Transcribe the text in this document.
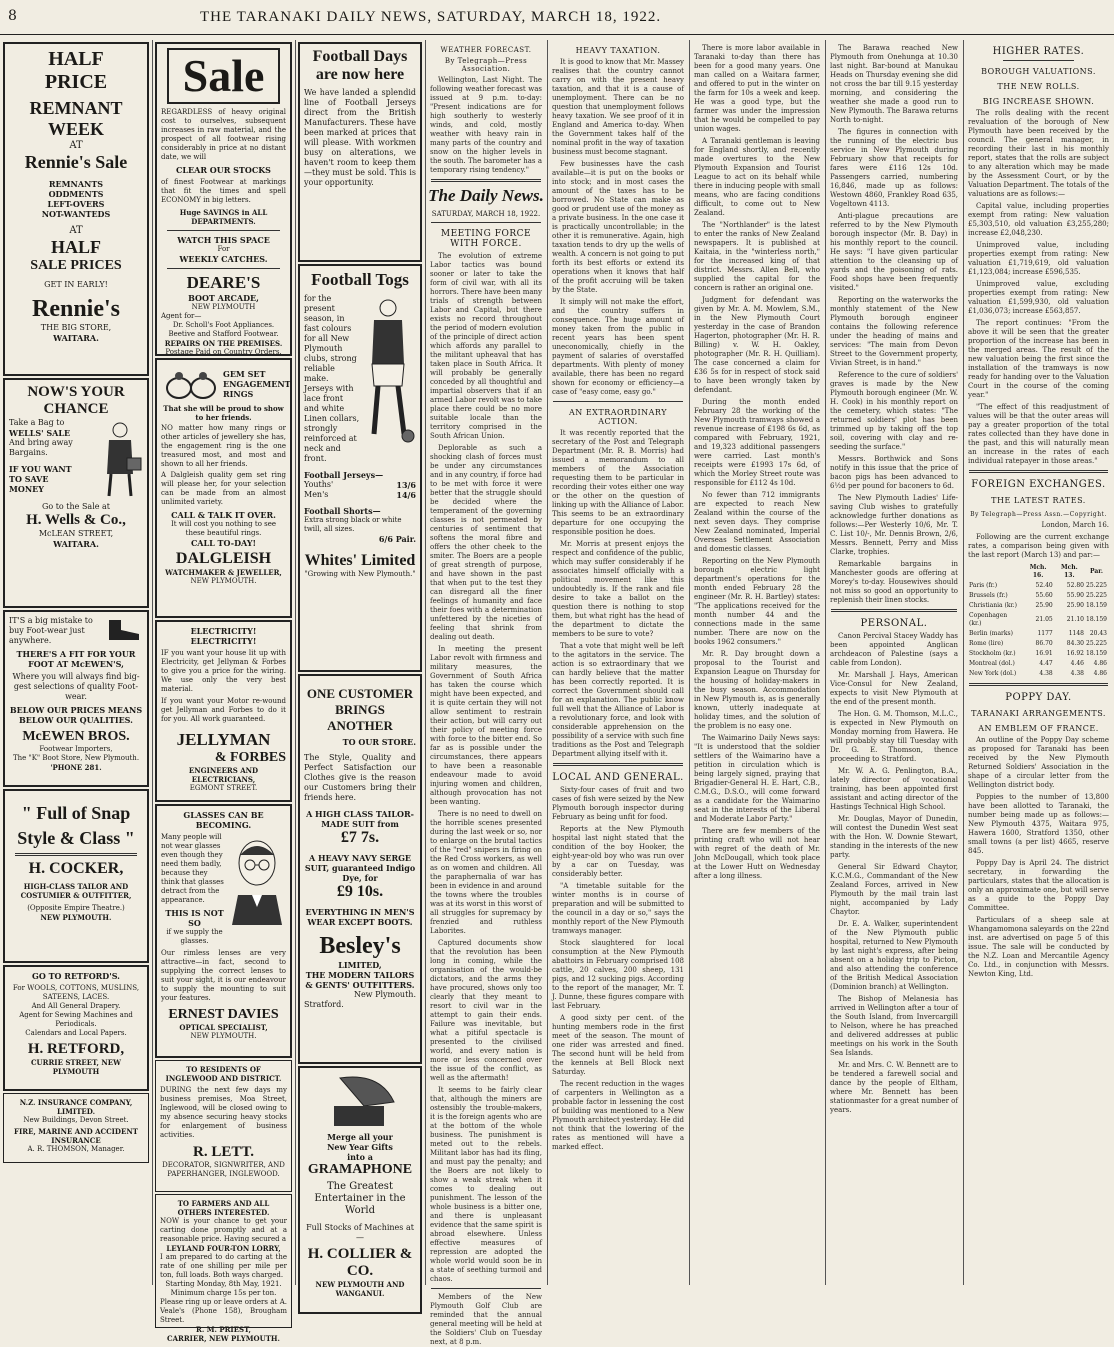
8	THE TARANAKI DAILY NEWS, SATURDAY, MARCH 18, 1922.
HALF
PRICE
REMNANT
WEEK
AT
Rennie's Sale
REMNANTS
ODDMENTS
LEFT-OVERS
NOT-WANTEDS
AT
HALF
SALE PRICES
GET IN EARLY!
Rennie's
THE BIG STORE,
WAITARA.
NOW'S YOUR
CHANCE
Take a Bag to
WELLS' SALE
And bring away
Bargains.
IF YOU WANT
TO SAVE
MONEY
Go to the Sale at
H. Wells & Co.,
McLEAN STREET,
WAITARA.
IT'S a big mistake to buy Foot-wear just anywhere.
THERE'S A FIT FOR YOUR FOOT AT McEWEN'S,
Where you will always find big-gest selections of quality Foot-wear.
BELOW OUR PRICES MEANS BELOW OUR QUALITIES.
McEWEN BROS.
Footwear Importers,
The "K" Boot Store, New Plymouth.
'PHONE 281.
" Full of Snap
Style & Class "
H. COCKER,
HIGH-CLASS TAILOR AND COSTUMIER & OUTFITTER,
(Opposite Empire Theatre.)
NEW PLYMOUTH.
GO TO RETFORD'S.
For WOOLS, COTTONS, MUSLINS, SATEENS, LACES.
And All General Drapery.
Agent for Sewing Machines and Periodicals.
Calendars and Local Papers.
H. RETFORD,
CURRIE STREET, NEW PLYMOUTH
N.Z. INSURANCE COMPANY, LIMITED.
New Buildings, Devon Street.
FIRE, MARINE AND ACCIDENT INSURANCE
A. R. THOMSON, Manager.
Sale
REGARDLESS of heavy original cost to ourselves, subsequent increases in raw material, and the prospect of all footwear rising considerably in price at no distant date, we will
CLEAR OUR STOCKS
of finest Footwear at markings that fit the times and spell ECONOMY in big letters.
Huge SAVINGS in ALL DEPARTMENTS.
WATCH THIS SPACE
For
WEEKLY CATCHES.
DEARE'S
BOOT ARCADE,
NEW PLYMOUTH
Agent for—
Dr. Scholl's Foot Appliances. Beetive and Stafford Footwear.
REPAIRS ON THE PREMISES.
Postage Paid on Country Orders.
GEM SET
ENGAGEMENT
RINGS
That she will be proud to show to her friends.
NO matter how many rings or other articles of jewellery she has, the engagement ring is the one treasured most, and most and shown to all her friends.
A Dalgleish quality gem set ring will please her, for your selection can be made from an almost unlimited variety.
CALL & TALK IT OVER.
It will cost you nothing to see these beautiful rings.
CALL TO-DAY!
DALGLEISH
WATCHMAKER & JEWELLER,
NEW PLYMOUTH.
ELECTRICITY! ELECTRICITY!
IF you want your house lit up with Electricity, get Jellyman & Forbes to give you a price for the wiring. We use only the very best material.
If you want your Motor re-wound get Jellyman and Forbes to do it for you. All work guaranteed.
JELLYMAN
& FORBES
ENGINEERS AND ELECTRICIANS,
EGMONT STREET.
GLASSES CAN BE BECOMING.
Many people will not wear glasses even though they need them badly, because they think that glasses detract from the appearance.
THIS IS NOT SO
if we supply the glasses.
Our rimless lenses are very attractive—in fact, second to supplying the correct lenses to suit your sight, it is our endeavour to supply the mounting to suit your features.
ERNEST DAVIES
OPTICAL SPECIALIST,
NEW PLYMOUTH.
TO RESIDENTS OF
INGLEWOOD AND DISTRICT.
DURING the next few days my business premises, Moa Street, Inglewood, will be closed owing to my absence securing heavy stocks for enlargement of business activities.
R. LETT.
DECORATOR, SIGNWRITER, AND PAPERHANGER, INGLEWOOD.
TO FARMERS AND ALL OTHERS INTERESTED.
NOW is your chance to get your carting done promptly and at a reasonable price. Having secured a
LEYLAND FOUR-TON LORRY,
I am prepared to do carting at the rate of one shilling per mile per ton, full loads. Both ways charged.
Starting Monday, 8th May, 1921.
Minimum charge 15s per ton.
Please ring up or leave orders at A. Veale's (Phone 158), Brougham Street.
R. M. PRIEST,
CARRIER, NEW PLYMOUTH.
Football Days
are now here
We have landed a splendid line of Football Jerseys direct from the British Manufacturers. These have been marked at prices that will please. With workmen busy on alterations, we haven't room to keep them—they must be sold. This is your opportunity.
Football Togs
for the present season, in fast colours for all New Plymouth clubs, strong reliable make. Jerseys with lace front and white Linen collars, strongly reinforced at neck and front.
Football Jerseys—
Youths'	13/6
Men's	14/6
Football Shorts—
Extra strong black or white twill, all sizes.
6/6 Pair.
Whites' Limited
"Growing with New Plymouth."
ONE CUSTOMER
BRINGS
ANOTHER
TO OUR STORE.
The Style, Quality and Perfect Satisfaction our Clothes give is the reason our Customers bring their friends here.
A HIGH CLASS TAILOR-MADE SUIT from
£7 7s.
A HEAVY NAVY SERGE SUIT, guaranteed Indigo Dye, for
£9 10s.
EVERYTHING IN MEN'S WEAR EXCEPT BOOTS.
Besley's
LIMITED,
THE MODERN TAILORS & GENTS' OUTFITTERS.
New Plymouth.
Stratford.
Merge all your
New Year Gifts
into a
GRAMAPHONE
The Greatest
Entertainer in the
World
Full Stocks of Machines at—
H. COLLIER & CO.
NEW PLYMOUTH AND WANGANUI.
WEATHER FORECAST.
By Telegraph—Press Association.

Wellington, Last Night. The following weather forecast was issued at 9 p.m. to-day: "Present indications are for high southerly to westerly winds, and cold, mostly weather with heavy rain in many parts of the country and snow on the higher levels in the south. The barometer has a temporary rising tendency."

The Daily News.
SATURDAY, MARCH 18, 1922.
MEETING FORCE WITH FORCE.

The evolution of extreme Labor tactics was bound sooner or later to take the form of civil war, with all its horrors. There have been many trials of strength between Labor and Capital, but there exists no record throughout the period of modern evolution of the principle of direct action which affords any parallel to the militant upheaval that has taken place in South Africa. It will probably be generally conceded by all thoughtful and impartial observers that if an armed Labor revolt was to take place there could be no more suitable locale than the territory comprised in the South African Union.

Deplorable as such a shocking clash of forces must be under any circumstances and in any country, if force had to be met with force it were better that the struggle should be decided where the temperament of the governing classes is not permeated by centuries of sentiment that softens the moral fibre and offers the other cheek to the smiter. The Boers are a people of great strength of purpose, and have shown in the past that when put to the test they can disregard all the finer feelings of humanity and face their foes with a determination unfettered by the niceties of feeling that shrink from dealing out death.

In meeting the present Labor revolt with firmness and military measures, the Government of South Africa has taken the course which might have been expected, and it is quite certain they will not allow sentiment to restrain their action, but will carry out their policy of meeting force with force to the bitter end. So far as is possible under the circumstances, there appears to have been a reasonable endeavour made to avoid injuring women and children, although provocation has not been wanting.

There is no need to dwell on the horrible scenes presented during the last week or so, nor to enlarge on the brutal tactics of the "red" snipers in firing on the Red Cross workers, as well as on women and children. All the paraphernalia of war has been in evidence in and around the towns where the troubles was at its worst in this worst of all struggles for supremacy by frenzied and ruthless Laborites.

Captured documents show that the revolution has been long in coming, while the organisation of the would-be dictators, and the arms they have procured, shows only too clearly that they meant to resort to civil war in the attempt to gain their ends. Failure was inevitable, but what a pitiful spectacle is presented to the civilised world, and every nation is more or less concerned over the issue of the conflict, as well as the aftermath!

It seems to be fairly clear that, although the miners are ostensibly the trouble-makers, it is the foreign agents who are at the bottom of the whole business. The punishment is meted out to the rebels. Militant labor has had its fling, and must pay the penalty; and the Boers are not likely to show a weak streak when it comes to dealing out punishment. The lesson of the whole business is a bitter one, and there is unpleasant evidence that the same spirit is abroad elsewhere. Unless effective measures of repression are adopted the whole world would soon be in a state of seething turmoil and chaos.

Members of the New Plymouth Golf Club are reminded that the annual general meeting will be held at the Soldiers' Club on Tuesday next, at 8 p.m.

HEAVY TAXATION.

It is good to know that Mr. Massey realises that the country cannot carry on with the present heavy taxation, and that it is a cause of unemployment. There can be no question that unemployment follows heavy taxation. We see proof of it in England and America to-day. When the Government takes half of the nominal profit in the way of taxation business must become stagnant.

Few businesses have the cash available—it is put on the books or into stock; and in most cases the amount of the taxes has to be borrowed. No State can make as good or prudent use of the money as a private business. In the one case it is practically uncontrollable; in the other it is remunerative. Again, high taxation tends to dry up the wells of wealth. A concern is not going to put forth its best efforts or extend its operations when it knows that half of the profit accruing will be taken by the State.

It simply will not make the effort, and the country suffers in consequence. The huge amount of money taken from the public in recent years has been spent uneconomically, chiefly in the payment of salaries of overstaffed departments. With plenty of money available, there has been no regard shown for economy or efficiency—a case of "easy come, easy go."

AN EXTRAORDINARY ACTION.

It was recently reported that the secretary of the Post and Telegraph Department (Mr. R. B. Morris) had issued a memorandum to all members of the Association requesting them to be particular in recording their votes either one way or the other on the question of linking up with the Alliance of Labor. This seems to be an extraordinary departure for one occupying the responsible position he does.

Mr. Morris at present enjoys the respect and confidence of the public, which may suffer considerably if he associates himself officially with a political movement like this undoubtedly is. If the rank and file desire to take a ballot on the question there is nothing to stop them, but what right has the head of the department to dictate the members to be sure to vote?

That a vote that might well be left to the agitators in the service. The action is so extraordinary that we can hardly believe that the matter has been correctly reported. It is correct the Government should call for an explanation. The public know full well that the Alliance of Labor is a revolutionary force, and look with considerable apprehension on the possibility of a service with such fine traditions as the Post and Telegraph Department allying itself with it.

LOCAL AND GENERAL.

Sixty-four cases of fruit and two cases of fish were seized by the New Plymouth borough inspector during February as being unfit for food.

Reports at the New Plymouth hospital last night stated that the condition of the boy Hooker, the eight-year-old boy who was run over by a car on Tuesday, was considerably better.

"A timetable suitable for the winter months is in course of preparation and will be submitted to the council in a day or so," says the monthly report of the New Plymouth tramways manager.

Stock slaughtered for local consumption at the New Plymouth abattoirs in February comprised 108 cattle, 20 calves, 200 sheep, 131 pigs, and 12 sucking pigs. According to the report of the manager, Mr. T. J. Dunne, these figures compare with last February.

A good sixty per cent. of the hunting members rode in the first meet of the season. The mount of one rider was arrested and fined. The second hunt will be held from the kennels at Bell Block next Saturday.

The recent reduction in the wages of carpenters in Wellington as a probable factor in lessening the cost of building was mentioned to a New Plymouth architect yesterday. He did not think that the lowering of the rates as mentioned will have a marked effect.

There is more labor available in Taranaki to-day than there has been for a good many years. One man called on a Waitara farmer, and offered to put in the winter on the farm for 10s a week and keep. He was a good type, but the farmer was under the impression that he would be compelled to pay union wages.

A Taranaki gentleman is leaving for England shortly, and recently made overtures to the New Plymouth Expansion and Tourist League to act on its behalf while there in inducing people with small means, who are facing conditions difficult, to come out to New Zealand.

The "Northlander" is the latest to enter the ranks of New Zealand newspapers. It is published at Kaitaia, in the "winterless north," for the increased king of that district. Messrs. Allen Bell, who supplied the capital for the concern is rather an original one.

Judgment for defendant was given by Mr. A. M. Mowlem, S.M., in the New Plymouth Court yesterday in the case of Brandon Hagerton, photographer (Mr. H. R. Billing) v. W. H. Oakley, photographer (Mr. R. H. Quilliam). The case concerned a claim for £36 5s for in respect of stock said to have been wrongly taken by defendant.

During the month ended February 28 the working of the New Plymouth tramways showed a revenue increase of £198 6s 6d, as compared with February, 1921, and 19,323 additional passengers were carried. Last month's receipts were £1993 17s 6d, of which the Morley Street route was responsible for £112 4s 10d.

No fewer than 712 immigrants are expected to reach New Zealand within the course of the next seven days. They comprise New Zealand nominated, Imperial Overseas Settlement Association and domestic classes.

Reporting on the New Plymouth borough electric light department's operations for the month ended February 28 the engineer (Mr. R. H. Bartley) states: "The applications received for the month number 44 and the connections made in the same number. There are now on the books 1962 consumers."

Mr. R. Day brought down a proposal to the Tourist and Expansion League on Thursday for the housing of holiday-makers in the busy season. Accommodation in New Plymouth is, as is generally known, utterly inadequate at holiday times, and the solution of the problem is no easy one.

The Waimarino Daily News says: "It is understood that the soldier settlers of the Waimarino have a petition in circulation which is being largely signed, praying that Brigadier-General H. E. Hart, C.B., C.M.G., D.S.O., will come forward as a candidate for the Waimarino seat in the interests of the Liberal and Moderate Labor Party."

There are few members of the printing craft who will not hear with regret of the death of Mr. John McDougall, which took place at the Lower Hutt on Wednesday after a long illness.

The Barawa reached New Plymouth from Onehunga at 10.30 last night. Bar-bound at Manukau Heads on Thursday evening she did not cross the bar till 9.15 yesterday morning, and considering the weather she made a good run to New Plymouth. The Barawa returns North to-night.

The figures in connection with the running of the electric bus service in New Plymouth during February show that receipts for fares were £116 12s 10d. Passengers carried, numbering 16,846, made up as follows: Westown 4860, Frankley Road 635, Vogeltown 4113.

Anti-plague precautions are referred to by the New Plymouth borough inspector (Mr. B. Day) in his monthly report to the council. He says: "I have given particular attention to the cleansing up of yards and the poisoning of rats. Food shops have been frequently visited."

Reporting on the waterworks the monthly statement of the New Plymouth borough engineer contains the following reference under the heading of mains and services: "The main from Devon Street to the Government property, Vivian Street, is in hand."

Reference to the cure of soldiers' graves is made by the New Plymouth borough engineer (Mr. W. H. Cook) in his monthly report on the cemetery, which states: "The returned soldiers' plot has been trimmed up by taking off the top soil, covering with clay and re-seeding the surface."

Messrs. Borthwick and Sons notify in this issue that the price of bacon pigs has been advanced to 6½d per pound for baconers to 6d.

The New Plymouth Ladies' Life-saving Club wishes to gratefully acknowledge further donations as follows:—Per Westerly 10/6, Mr. T. C. List 10/-, Mr. Dennis Brown, 2/6, Messrs. Bennett, Perry and Miss Clarke, trophies.

Remarkable bargains in Manchester goods are offering at Morey's to-day. Housewives should not miss so good an opportunity to replenish their linen stocks.

PERSONAL.

Canon Percival Stacey Waddy has been appointed Anglican archdeacon of Palestine (says a cable from London).

Mr. Marshall J. Hays, American Vice-Consul for New Zealand, expects to visit New Plymouth at the end of the present month.

The Hon. G. M. Thomson, M.L.C., is expected in New Plymouth on Monday morning from Hawera. He will probably stay till Tuesday with Dr. G. E. Thomson, thence proceeding to Stratford.

Mr. W. A. G. Penlington, B.A., lately director of vocational training, has been appointed first assistant and acting director of the Hastings Technical High School.

Mr. Douglas, Mayor of Dunedin, will contest the Dunedin West seat with the Hon. W. Downie Stewart, standing in the interests of the new party.

General Sir Edward Chaytor, K.C.M.G., Commandant of the New Zealand Forces, arrived in New Plymouth by the mail train last night, accompanied by Lady Chaytor.

Dr. E. A. Walker, superintendent of the New Plymouth public hospital, returned to New Plymouth by last night's express, after being absent on a holiday trip to Picton, and also attending the conference of the British Medical Association (Dominion branch) at Wellington.

The Bishop of Melanesia has arrived in Wellington after a tour of the South Island, from Invercargill to Nelson, where he has preached and delivered addresses at public meetings on his work in the South Sea Islands.

Mr. and Mrs. C. W. Bennett are to be tendered a farewell social and dance by the people of Eltham, where Mr. Bennett has been stationmaster for a great number of years.

HIGHER RATES.
BOROUGH VALUATIONS.
THE NEW ROLLS.
BIG INCREASE SHOWN.

The rolls dealing with the recent revaluation of the borough of New Plymouth have been received by the council. The general manager, in recording their last in his monthly report, states that the rolls are subject to any alteration which may be made by the Assessment Court, or by the Valuation Department. The totals of the valuations are as follows:—

Capital value, including properties exempt from rating: New valuation £5,303,510, old valuation £3,255,280; increase £2,048,230.

Unimproved value, including properties exempt from rating: New valuation £1,719,619, old valuation £1,123,084; increase £596,535.

Unimproved value, excluding properties exempt from rating: New valuation £1,599,930, old valuation £1,036,073; increase £563,857.

The report continues: "From the above it will be seen that the greater proportion of the increase has been in the merged areas. The result of the new valuation being the first since the installation of the tramways is now ready for handing over to the Valuation Court in the course of the coming year."

"The effect of this readjustment of values will be that the outer areas will pay a greater proportion of the total rates collected than they have done in the past, and this will naturally mean an increase in the rates of each individual ratepayer in those areas."

FOREIGN EXCHANGES.
THE LATEST RATES.
By Telegraph—Press Assn.—Copyright.

London, March 16.

Following are the current exchange rates, a comparison being given with the last report (March 13) and par:—

	Mch. 16.	Mch. 13.	Par.
Paris (fr.)	52.40	52.80	25.225
Brussels (fr.)	55.60	55.90	25.225
Christiania (kr.)	25.90	25.90	18.159
Copenhagen (kr.)	21.05	21.10	18.159
Berlin (marks)	1177	1148	20.43
Rome (lire)	86.70	84.30	25.225
Stockholm (kr.)	16.91	16.92	18.159
Montreal (dol.)	4.47	4.46	4.86
New York (dol.)	4.38	4.38	4.86
POPPY DAY.
TARANAKI ARRANGEMENTS.
AN EMBLEM OF FRANCE.

An outline of the Poppy Day scheme as proposed for Taranaki has been received by the New Plymouth Returned Soldiers' Association in the shape of a circular letter from the Wellington district body.

Poppies to the number of 13,800 have been allotted to Taranaki, the number being made up as follows:—New Plymouth 4375, Waitara 975, Hawera 1600, Stratford 1350, other small towns (a per list) 4665, reserve 845.

Poppy Day is April 24. The district secretary, in forwarding the particulars, states that the allocation is only an approximate one, but will serve as a guide to the Poppy Day Committee.

Particulars of a sheep sale at Whangamomona saleyards on the 22nd inst. are advertised on page 5 of this issue. The sale will be conducted by the N.Z. Loan and Mercantile Agency Co. Ltd., in conjunction with Messrs. Newton King, Ltd.
